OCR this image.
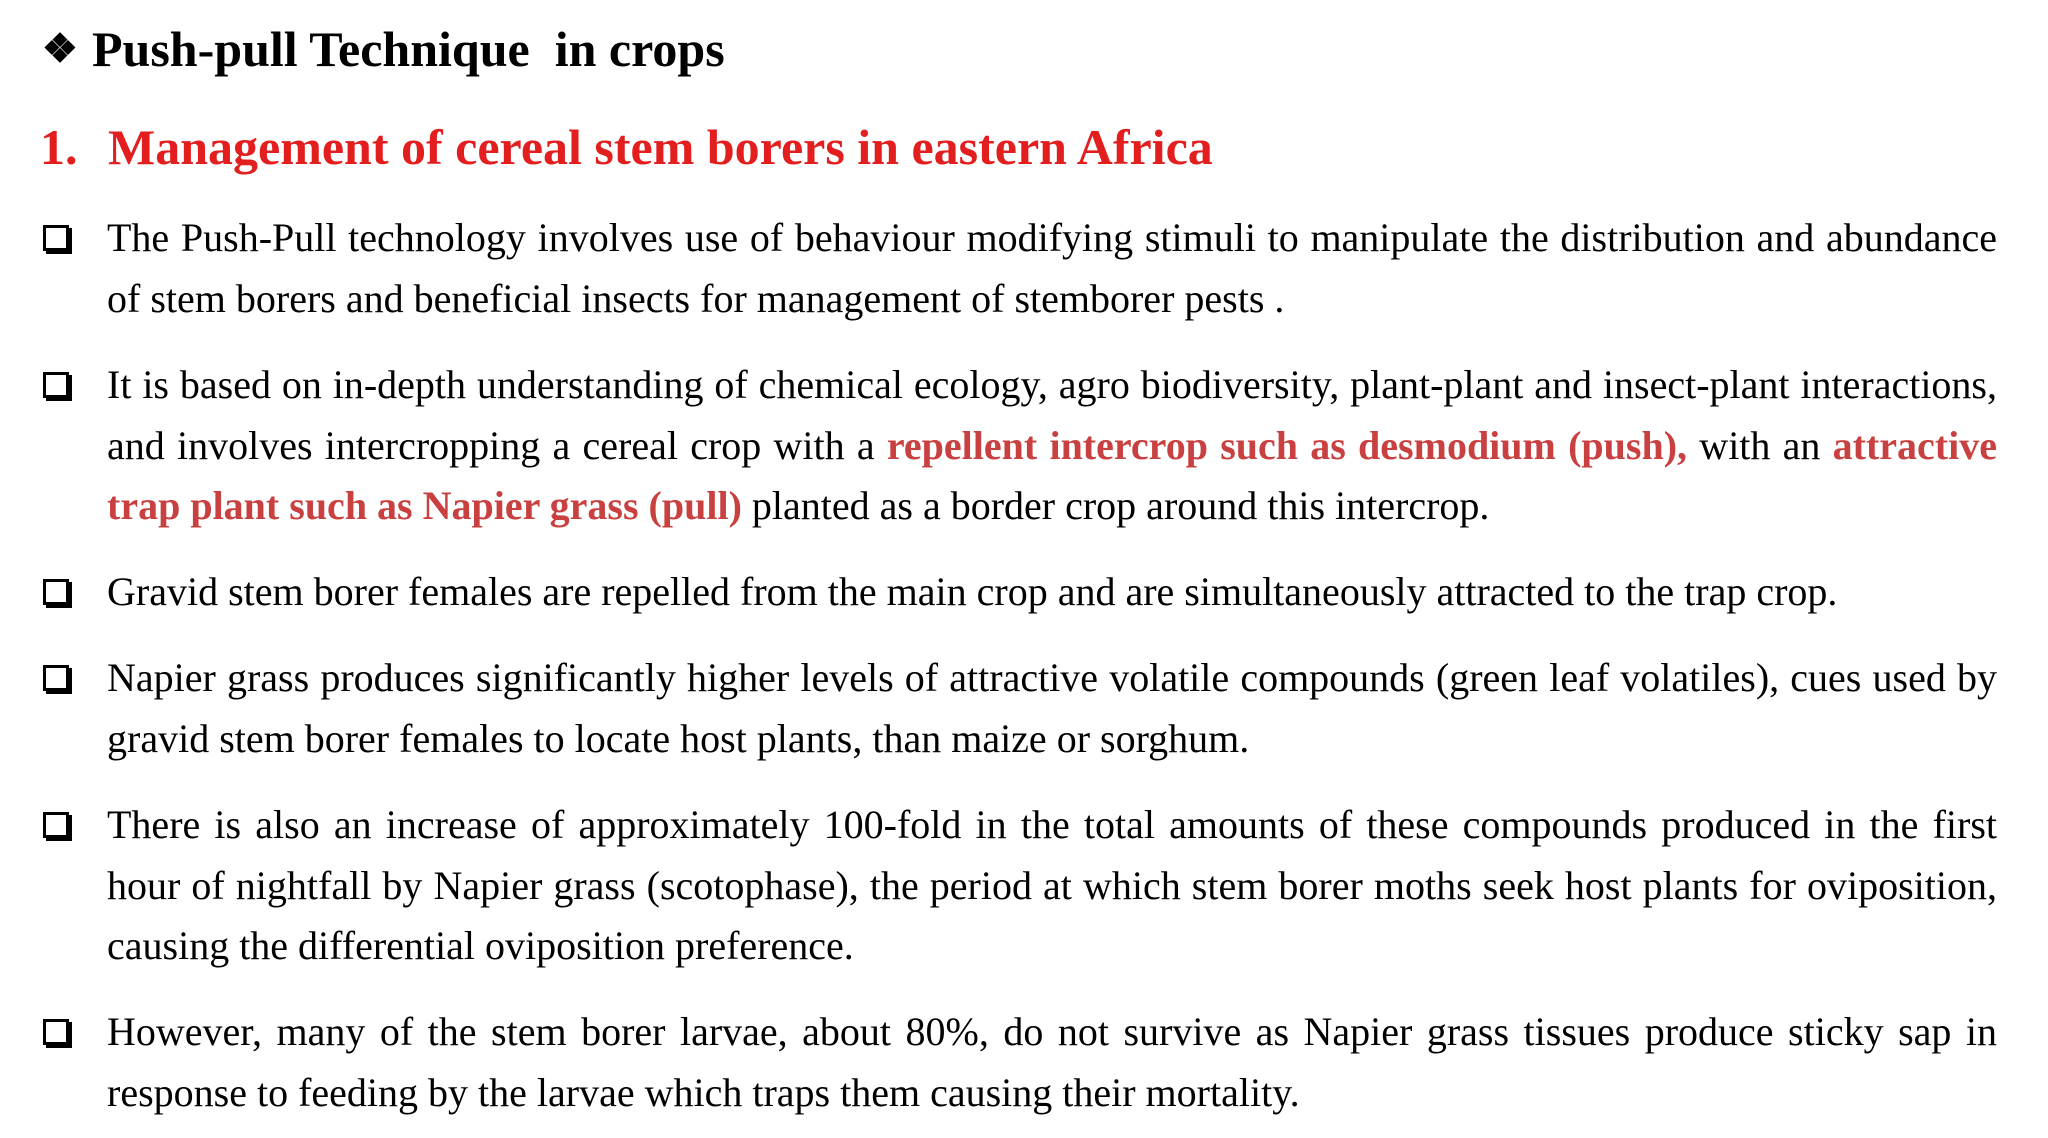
❖ Push-pull Technique  in crops
1. Management of cereal stem borers in eastern Africa
The Push-Pull technology involves use of behaviour modifying stimuli to manipulate the distribution and abundance of stem borers and beneficial insects for management of stemborer pests .
It is based on in-depth understanding of chemical ecology, agro biodiversity, plant-plant and insect-plant interactions, and involves intercropping a cereal crop with a repellent intercrop such as desmodium (push), with an attractive trap plant such as Napier grass (pull) planted as a border crop around this intercrop.
Gravid stem borer females are repelled from the main crop and are simultaneously attracted to the trap crop.
Napier grass produces significantly higher levels of attractive volatile compounds (green leaf volatiles), cues used by gravid stem borer females to locate host plants, than maize or sorghum.
There is also an increase of approximately 100-fold in the total amounts of these compounds produced in the first hour of nightfall by Napier grass (scotophase), the period at which stem borer moths seek host plants for oviposition, causing the differential oviposition preference.
However, many of the stem borer larvae, about 80%, do not survive as Napier grass tissues produce sticky sap in response to feeding by the larvae which traps them causing their mortality.
